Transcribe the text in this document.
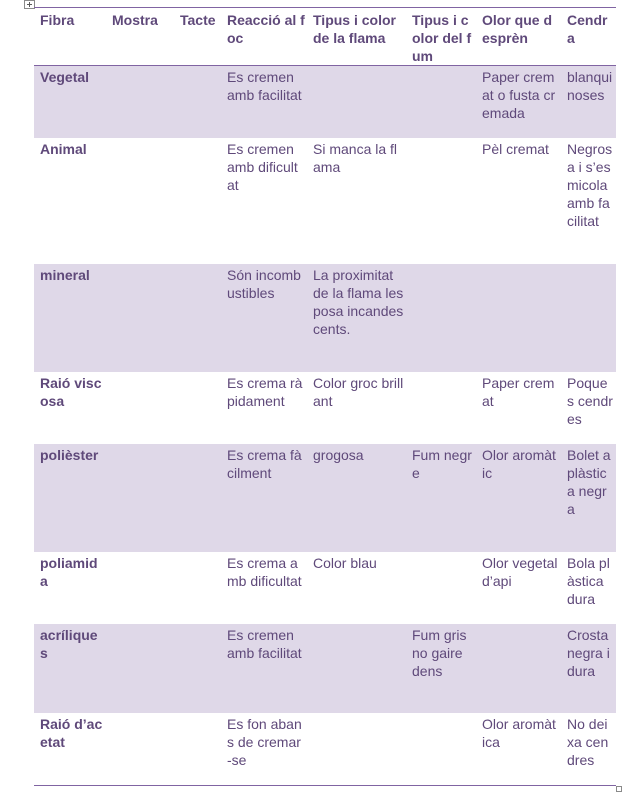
Fibra	Mostra	Tacte	Reacció al foc	Tipus i color de la flama	Tipus i color del fum	Olor que desprèn	Cendra
Vegetal			Es cremen amb facilitat			Paper cremat o fusta cremada	blanquinoses
Animal			Es cremen amb dificultat	Si manca la flama		Pèl cremat	Negrosa i s’esmicola amb facilitat
mineral			Són incombustibles	La proximitat de la flama les posa incandescents.			
Raió viscosa			Es crema ràpidament	Color groc brillant		Paper cremat	Poques cendres
polièster			Es crema fàcilment	grogosa	Fum negre	Olor aromàtic	Bolet a plàstica negra
poliamida			Es crema amb dificultat	Color blau		Olor vegetal d’api	Bola plàstica dura
acríliques			Es cremen amb facilitat		Fum gris no gaire dens		Crosta negra i dura
Raió d’acetat			Es fon abans de cremar-se			Olor aromàtica	No deixa cendres
